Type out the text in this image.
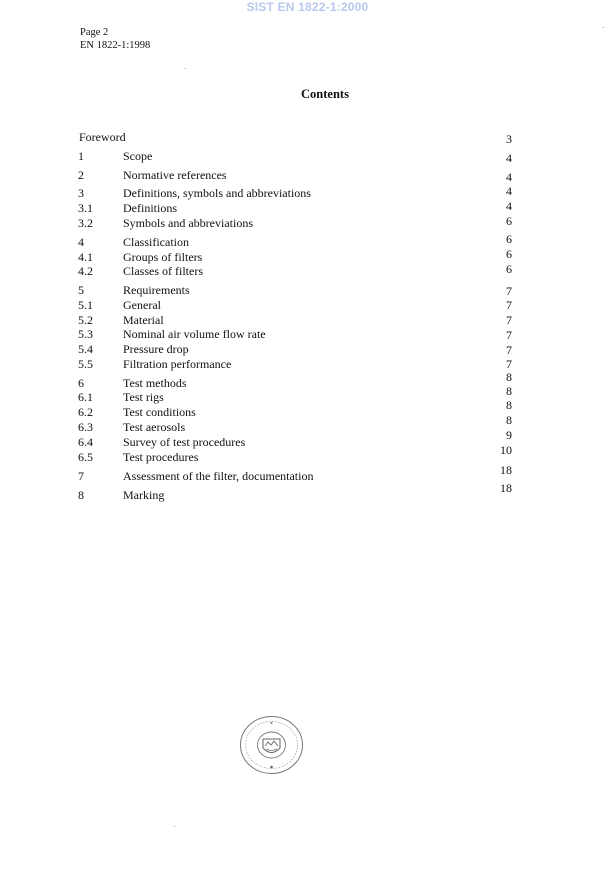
SIST EN 1822-1:2000
Page 2
EN 1822-1:1998
Contents
Foreword	3
1	Scope	4
2	Normative references	4
3	Definitions, symbols and abbreviations	4
3.1	Definitions	4
3.2	Symbols and abbreviations	6
4	Classification	6
4.1	Groups of filters	6
4.2	Classes of filters	6
5	Requirements	7
5.1	General	7
5.2	Material	7
5.3	Nominal air volume flow rate	7
5.4	Pressure drop	7
5.5	Filtration performance	7
6	Test methods	8
6.1	Test rigs	8
6.2	Test conditions	8
6.3	Test aerosols	8
6.4	Survey of test procedures	9
6.5	Test procedures	10
7	Assessment of the filter, documentation	18
8	Marking	18
